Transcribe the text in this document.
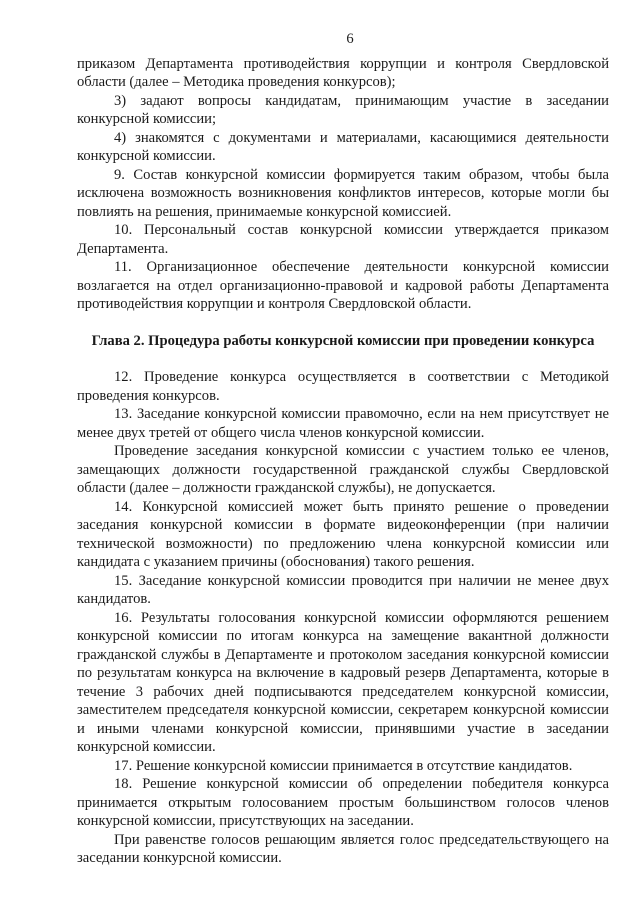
6

приказом Департамента противодействия коррупции и контроля Свердловской области (далее – Методика проведения конкурсов);

3) задают вопросы кандидатам, принимающим участие в заседании конкурсной комиссии;

4) знакомятся с документами и материалами, касающимися деятельности конкурсной комиссии.

9. Состав конкурсной комиссии формируется таким образом, чтобы была исключена возможность возникновения конфликтов интересов, которые могли бы повлиять на решения, принимаемые конкурсной комиссией.

10. Персональный состав конкурсной комиссии утверждается приказом Департамента.

11. Организационное обеспечение деятельности конкурсной комиссии возлагается на отдел организационно-правовой и кадровой работы Департамента противодействия коррупции и контроля Свердловской области.

Глава 2. Процедура работы конкурсной комиссии при проведении конкурса

12. Проведение конкурса осуществляется в соответствии с Методикой проведения конкурсов.

13. Заседание конкурсной комиссии правомочно, если на нем присутствует не менее двух третей от общего числа членов конкурсной комиссии.

Проведение заседания конкурсной комиссии с участием только ее членов, замещающих должности государственной гражданской службы Свердловской области (далее – должности гражданской службы), не допускается.

14. Конкурсной комиссией может быть принято решение о проведении заседания конкурсной комиссии в формате видеоконференции (при наличии технической возможности) по предложению члена конкурсной комиссии или кандидата с указанием причины (обоснования) такого решения.

15. Заседание конкурсной комиссии проводится при наличии не менее двух кандидатов.

16. Результаты голосования конкурсной комиссии оформляются решением конкурсной комиссии по итогам конкурса на замещение вакантной должности гражданской службы в Департаменте и протоколом заседания конкурсной комиссии по результатам конкурса на включение в кадровый резерв Департамента, которые в течение 3 рабочих дней подписываются председателем конкурсной комиссии, заместителем председателя конкурсной комиссии, секретарем конкурсной комиссии и иными членами конкурсной комиссии, принявшими участие в заседании конкурсной комиссии.

17. Решение конкурсной комиссии принимается в отсутствие кандидатов.

18. Решение конкурсной комиссии об определении победителя конкурса принимается открытым голосованием простым большинством голосов членов конкурсной комиссии, присутствующих на заседании.

При равенстве голосов решающим является голос председательствующего на заседании конкурсной комиссии.
